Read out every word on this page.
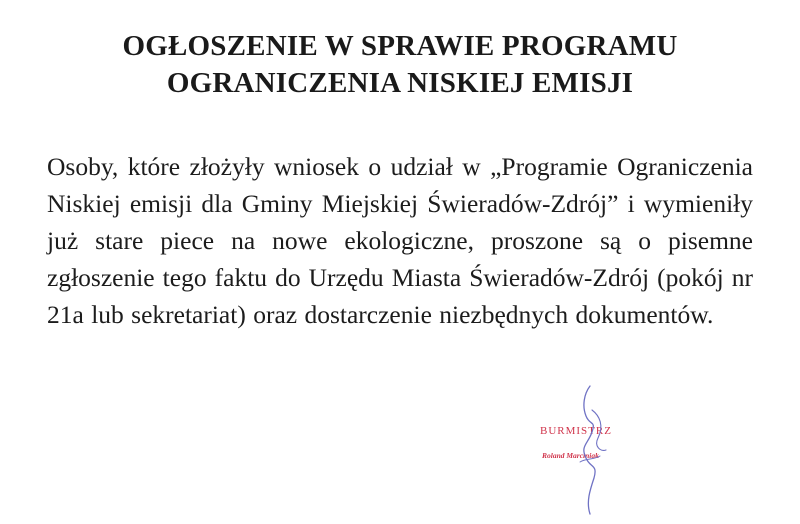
OGŁOSZENIE W SPRAWIE PROGRAMU
OGRANICZENIA NISKIEJ EMISJI

Osoby, które złożyły wniosek o udział w „Programie Ograniczenia Niskiej emisji dla Gminy Miejskiej Świeradów-Zdrój” i wymieniły już stare piece na nowe ekologiczne, proszone są o pisemne zgłoszenie tego faktu do Urzędu Miasta Świeradów-Zdrój (pokój nr 21a lub sekretariat) oraz dostarczenie niezbędnych dokumentów.

BURMISTRZ
Roland Marciniak
